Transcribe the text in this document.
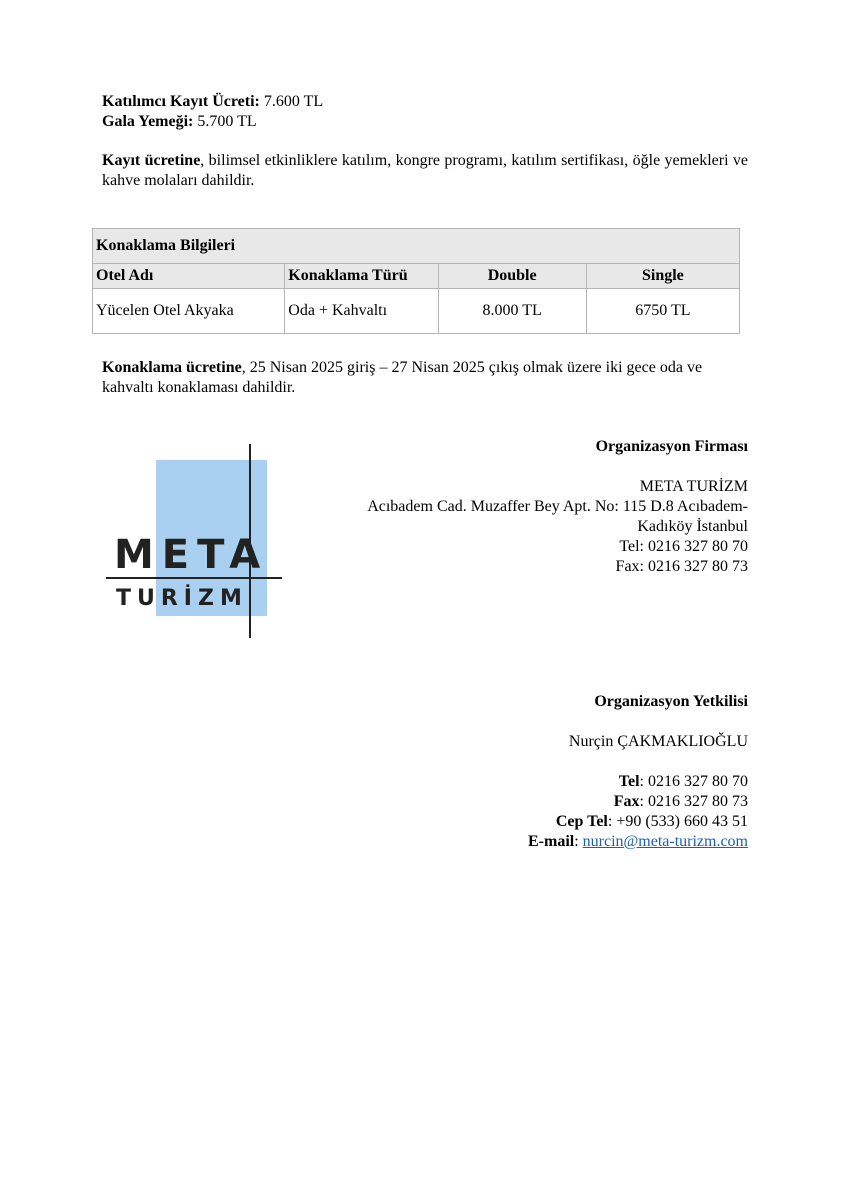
Katılımcı Kayıt Ücreti: 7.600 TL
Gala Yemeği: 5.700 TL
Kayıt ücretine, bilimsel etkinliklere katılım, kongre programı, katılım sertifikası, öğle yemekleri ve kahve molaları dahildir.
Konaklama Bilgileri			
Otel Adı	Konaklama Türü	Double	Single
Yücelen Otel Akyaka	Oda + Kahvaltı	8.000 TL	6750 TL
Konaklama ücretine, 25 Nisan 2025 giriş – 27 Nisan 2025 çıkış olmak üzere iki gece oda ve
kahvaltı konaklaması dahildir.
META
TURİZM
Organizasyon Firması
META TURİZM
Acıbadem Cad. Muzaffer Bey Apt. No: 115 D.8 Acıbadem-
Kadıköy İstanbul
Tel: 0216 327 80 70
Fax: 0216 327 80 73
Organizasyon Yetkilisi
Nurçin ÇAKMAKLIOĞLU
Tel: 0216 327 80 70
Fax: 0216 327 80 73
Cep Tel: +90 (533) 660 43 51
E-mail: nurcin@meta-turizm.com
